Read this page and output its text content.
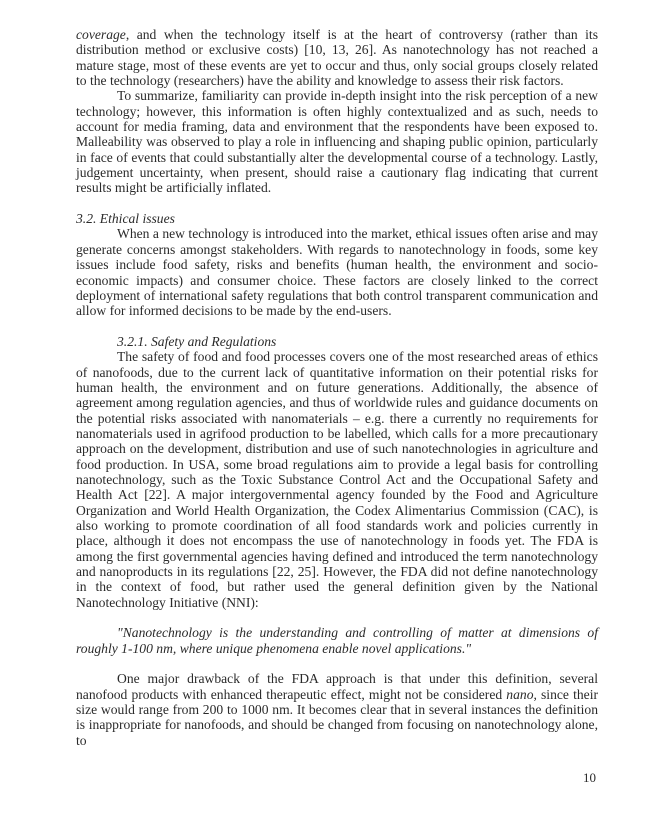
coverage, and when the technology itself is at the heart of controversy (rather than its distribution method or exclusive costs) [10, 13, 26]. As nanotechnology has not reached a mature stage, most of these events are yet to occur and thus, only social groups closely related to the technology (researchers) have the ability and knowledge to assess their risk factors.

To summarize, familiarity can provide in-depth insight into the risk perception of a new technology; however, this information is often highly contextualized and as such, needs to account for media framing, data and environment that the respondents have been exposed to. Malleability was observed to play a role in influencing and shaping public opinion, particularly in face of events that could substantially alter the developmental course of a technology. Lastly, judgement uncertainty, when present, should raise a cautionary flag indicating that current results might be artificially inflated.

3.2. Ethical issues

When a new technology is introduced into the market, ethical issues often arise and may generate concerns amongst stakeholders. With regards to nanotechnology in foods, some key issues include food safety, risks and benefits (human health, the environment and socio-economic impacts) and consumer choice. These factors are closely linked to the correct deployment of international safety regulations that both control transparent communication and allow for informed decisions to be made by the end-users.

3.2.1. Safety and Regulations

The safety of food and food processes covers one of the most researched areas of ethics of nanofoods, due to the current lack of quantitative information on their potential risks for human health, the environment and on future generations. Additionally, the absence of agreement among regulation agencies, and thus of worldwide rules and guidance documents on the potential risks associated with nanomaterials – e.g. there a currently no requirements for nanomaterials used in agrifood production to be labelled, which calls for a more precautionary approach on the development, distribution and use of such nanotechnologies in agriculture and food production. In USA, some broad regulations aim to provide a legal basis for controlling nanotechnology, such as the Toxic Substance Control Act and the Occupational Safety and Health Act [22]. A major intergovernmental agency founded by the Food and Agriculture Organization and World Health Organization, the Codex Alimentarius Commission (CAC), is also working to promote coordination of all food standards work and policies currently in place, although it does not encompass the use of nanotechnology in foods yet. The FDA is among the first governmental agencies having defined and introduced the term nanotechnology and nanoproducts in its regulations [22, 25]. However, the FDA did not define nanotechnology in the context of food, but rather used the general definition given by the National Nanotechnology Initiative (NNI):

"Nanotechnology is the understanding and controlling of matter at dimensions of roughly 1-100 nm, where unique phenomena enable novel applications."

One major drawback of the FDA approach is that under this definition, several nanofood products with enhanced therapeutic effect, might not be considered nano, since their size would range from 200 to 1000 nm. It becomes clear that in several instances the definition is inappropriate for nanofoods, and should be changed from focusing on nanotechnology alone, to

10
